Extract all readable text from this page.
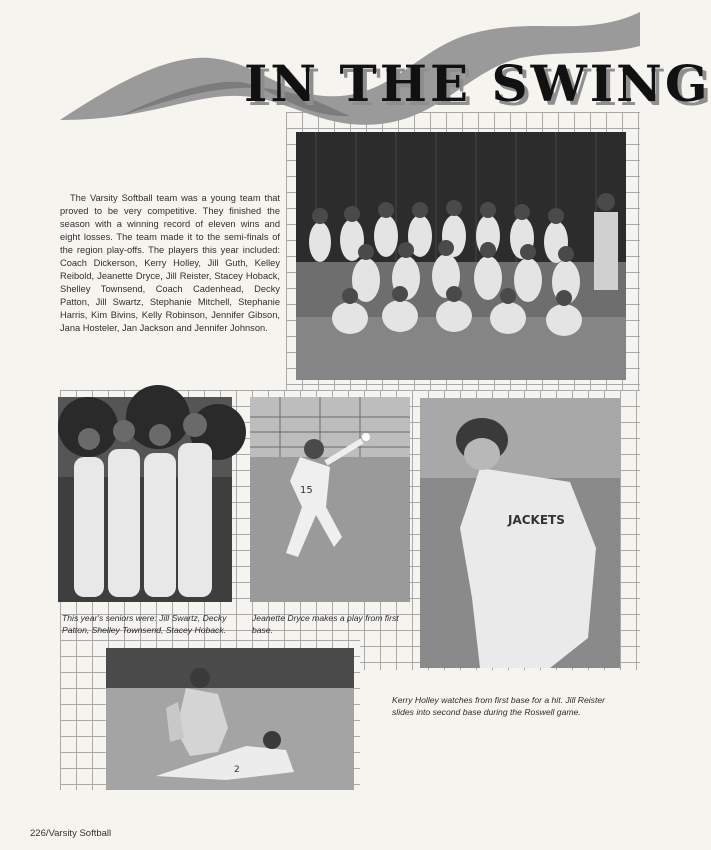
IN THE SWING

The Varsity Softball team was a young team that proved to be very competitive. They finished the season with a winning record of eleven wins and eight losses. The team made it to the semi-finals of the region play-offs. The players this year included: Coach Dickerson, Kerry Holley, Jill Guth, Kelley Reibold, Jeanette Dryce, Jill Reister, Stacey Hoback, Shelley Townsend, Coach Cadenhead, Decky Patton, Jill Swartz, Stephanie Mitchell, Stephanie Harris, Kim Bivins, Kelly Robinson, Jennifer Gibson, Jana Hosteler, Jan Jackson and Jennifer Johnson.

15
JACKETS

This year's seniors were: Jill Swartz, Decky Patton, Shelley Townsend, Stacey Hoback.

Jeanette Dryce makes a play from first base.

Kerry Holley watches from first base for a hit. Jill Reister slides into second base during the Roswell game.

2
226/Varsity Softball
